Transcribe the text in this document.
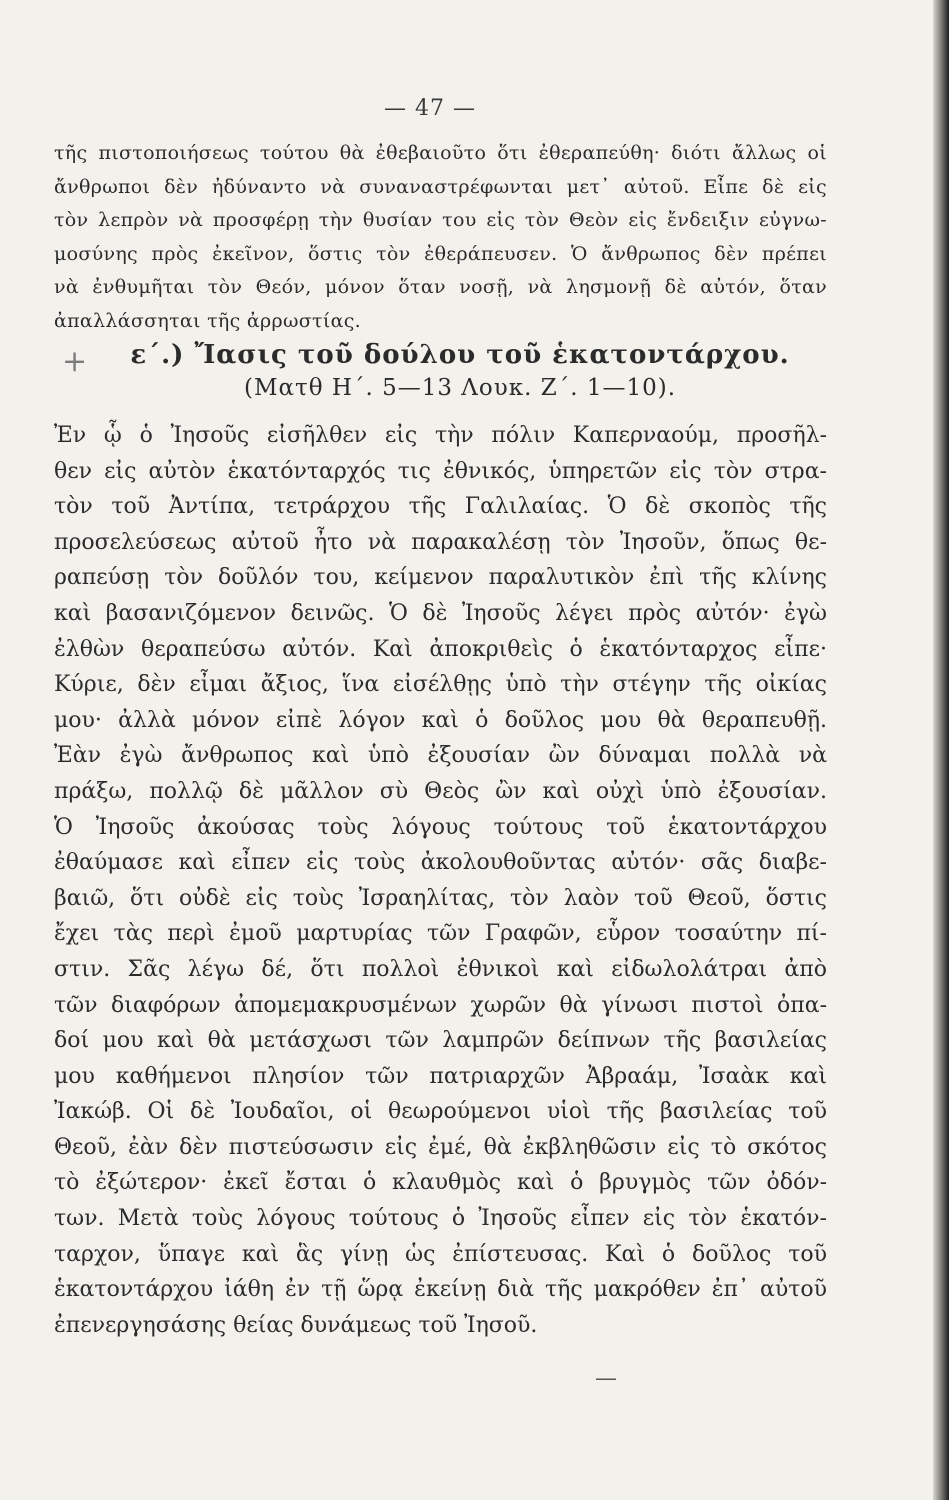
— 47 —
τῆς πιστοποιήσεως τούτου θὰ ἐθεβαιοῦτο ὅτι ἐθεραπεύθη· διότι ἄλλως οἱ
ἄνθρωποι δὲν ἠδύναντο νὰ συναναστρέφωνται μετ᾽ αὐτοῦ. Εἶπε δὲ εἰς
τὸν λεπρὸν νὰ προσφέρῃ τὴν θυσίαν του εἰς τὸν Θεὸν εἰς ἔνδειξιν εὐγνω-
μοσύνης πρὸς ἐκεῖνον, ὅστις τὸν ἐθεράπευσεν. Ὁ ἄνθρωπος δὲν πρέπει
νὰ ἐνθυμῆται τὸν Θεόν, μόνον ὅταν νοσῇ, νὰ λησμονῇ δὲ αὐτόν, ὅταν
ἀπαλλάσσηται τῆς ἀρρωστίας.
+ ε΄.) Ἴασις τοῦ δούλου τοῦ ἑκατοντάρχου.
(Ματθ Η΄. 5—13 Λουκ. Ζ΄. 1—10).
Ἐν ᾧ ὁ Ἰησοῦς εἰσῆλθεν εἰς τὴν πόλιν Καπερναούμ, προσῆλ-
θεν εἰς αὐτὸν ἑκατόνταρχός τις ἐθνικός, ὑπηρετῶν εἰς τὸν στρα-
τὸν τοῦ Ἀντίπα, τετράρχου τῆς Γαλιλαίας. Ὁ δὲ σκοπὸς τῆς
προσελεύσεως αὐτοῦ ἦτο νὰ παρακαλέσῃ τὸν Ἰησοῦν, ὅπως θε-
ραπεύσῃ τὸν δοῦλόν του, κείμενον παραλυτικὸν ἐπὶ τῆς κλίνης
καὶ βασανιζόμενον δεινῶς. Ὁ δὲ Ἰησοῦς λέγει πρὸς αὐτόν· ἐγὼ
ἐλθὼν θεραπεύσω αὐτόν. Καὶ ἀποκριθεὶς ὁ ἑκατόνταρχος εἶπε·
Κύριε, δὲν εἶμαι ἄξιος, ἵνα εἰσέλθῃς ὑπὸ τὴν στέγην τῆς οἰκίας
μου· ἀλλὰ μόνον εἰπὲ λόγον καὶ ὁ δοῦλος μου θὰ θεραπευθῇ.
Ἐὰν ἐγὼ ἄνθρωπος καὶ ὑπὸ ἐξουσίαν ὢν δύναμαι πολλὰ νὰ
πράξω, πολλῷ δὲ μᾶλλον σὺ Θεὸς ὢν καὶ οὐχὶ ὑπὸ ἐξουσίαν.
Ὁ Ἰησοῦς ἀκούσας τοὺς λόγους τούτους τοῦ ἑκατοντάρχου
ἐθαύμασε καὶ εἶπεν εἰς τοὺς ἀκολουθοῦντας αὐτόν· σᾶς διαβε-
βαιῶ, ὅτι οὐδὲ εἰς τοὺς Ἰσραηλίτας, τὸν λαὸν τοῦ Θεοῦ, ὅστις
ἔχει τὰς περὶ ἐμοῦ μαρτυρίας τῶν Γραφῶν, εὗρον τοσαύτην πί-
στιν. Σᾶς λέγω δέ, ὅτι πολλοὶ ἐθνικοὶ καὶ εἰδωλολάτραι ἀπὸ
τῶν διαφόρων ἀπομεμακρυσμένων χωρῶν θὰ γίνωσι πιστοὶ ὀπα-
δοί μου καὶ θὰ μετάσχωσι τῶν λαμπρῶν δείπνων τῆς βασιλείας
μου καθήμενοι πλησίον τῶν πατριαρχῶν Ἀβραάμ, Ἰσαὰκ καὶ
Ἰακώβ. Οἱ δὲ Ἰουδαῖοι, οἱ θεωρούμενοι υἱοὶ τῆς βασιλείας τοῦ
Θεοῦ, ἐὰν δὲν πιστεύσωσιν εἰς ἐμέ, θὰ ἐκβληθῶσιν εἰς τὸ σκότος
τὸ ἐξώτερον· ἐκεῖ ἔσται ὁ κλαυθμὸς καὶ ὁ βρυγμὸς τῶν ὀδόν-
των. Μετὰ τοὺς λόγους τούτους ὁ Ἰησοῦς εἶπεν εἰς τὸν ἑκατόν-
ταρχον, ὕπαγε καὶ ἃς γίνῃ ὡς ἐπίστευσας. Καὶ ὁ δοῦλος τοῦ
ἑκατοντάρχου ἰάθη ἐν τῇ ὥρᾳ ἐκείνῃ διὰ τῆς μακρόθεν ἐπ᾽ αὐτοῦ
ἐπενεργησάσης θείας δυνάμεως τοῦ Ἰησοῦ.
—
